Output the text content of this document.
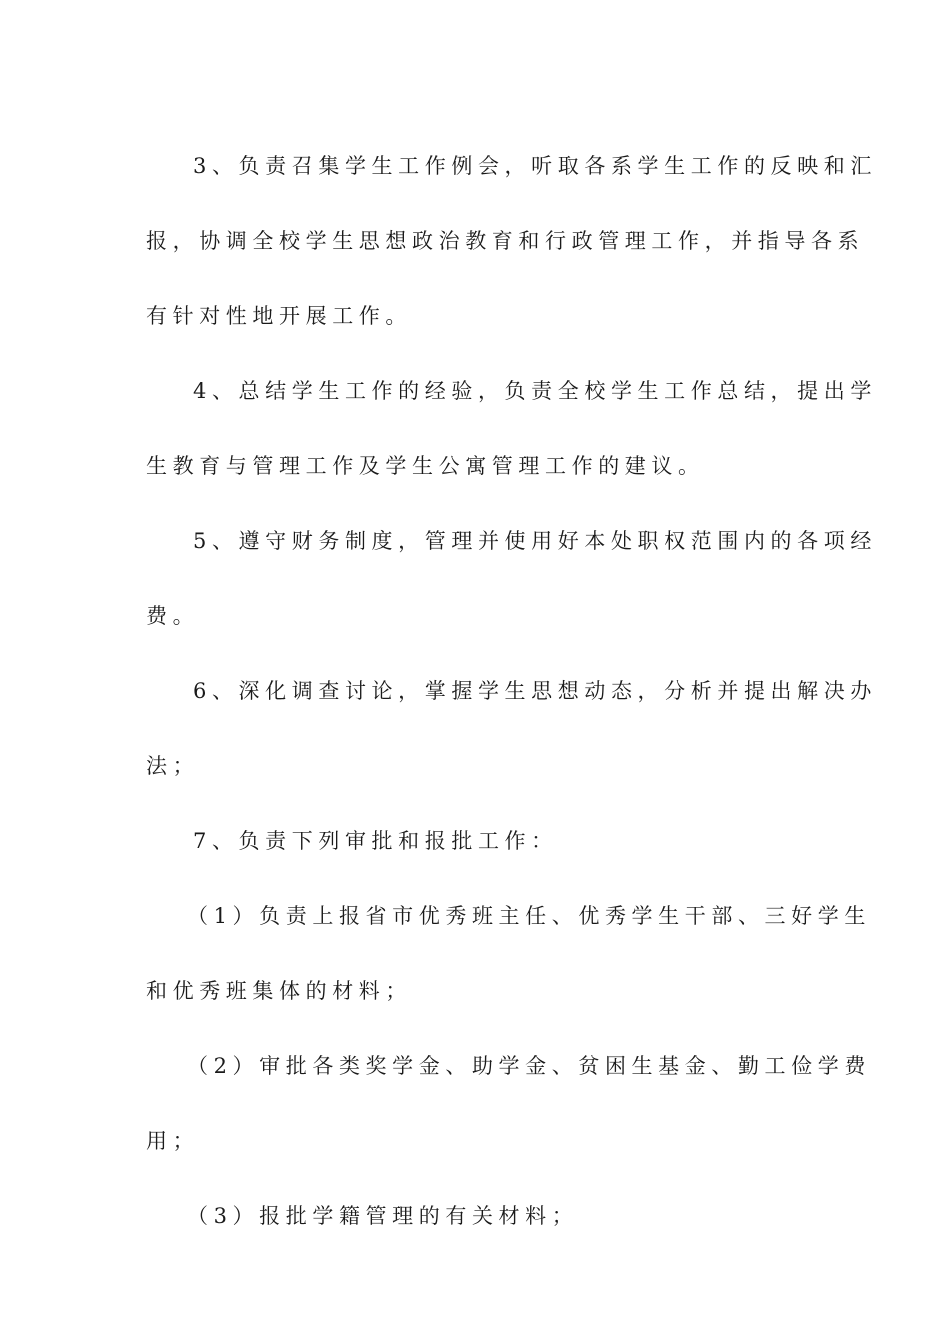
3、负责召集学生工作例会，听取各系学生工作的反映和汇
报，协调全校学生思想政治教育和行政管理工作，并指导各系
有针对性地开展工作。
4、总结学生工作的经验，负责全校学生工作总结，提出学
生教育与管理工作及学生公寓管理工作的建议。
5、遵守财务制度，管理并使用好本处职权范围内的各项经
费。
6、深化调查讨论，掌握学生思想动态，分析并提出解决办
法；
7、负责下列审批和报批工作：
（1）负责上报省市优秀班主任、优秀学生干部、三好学生
和优秀班集体的材料；
（2）审批各类奖学金、助学金、贫困生基金、勤工俭学费
用；
（3）报批学籍管理的有关材料；
